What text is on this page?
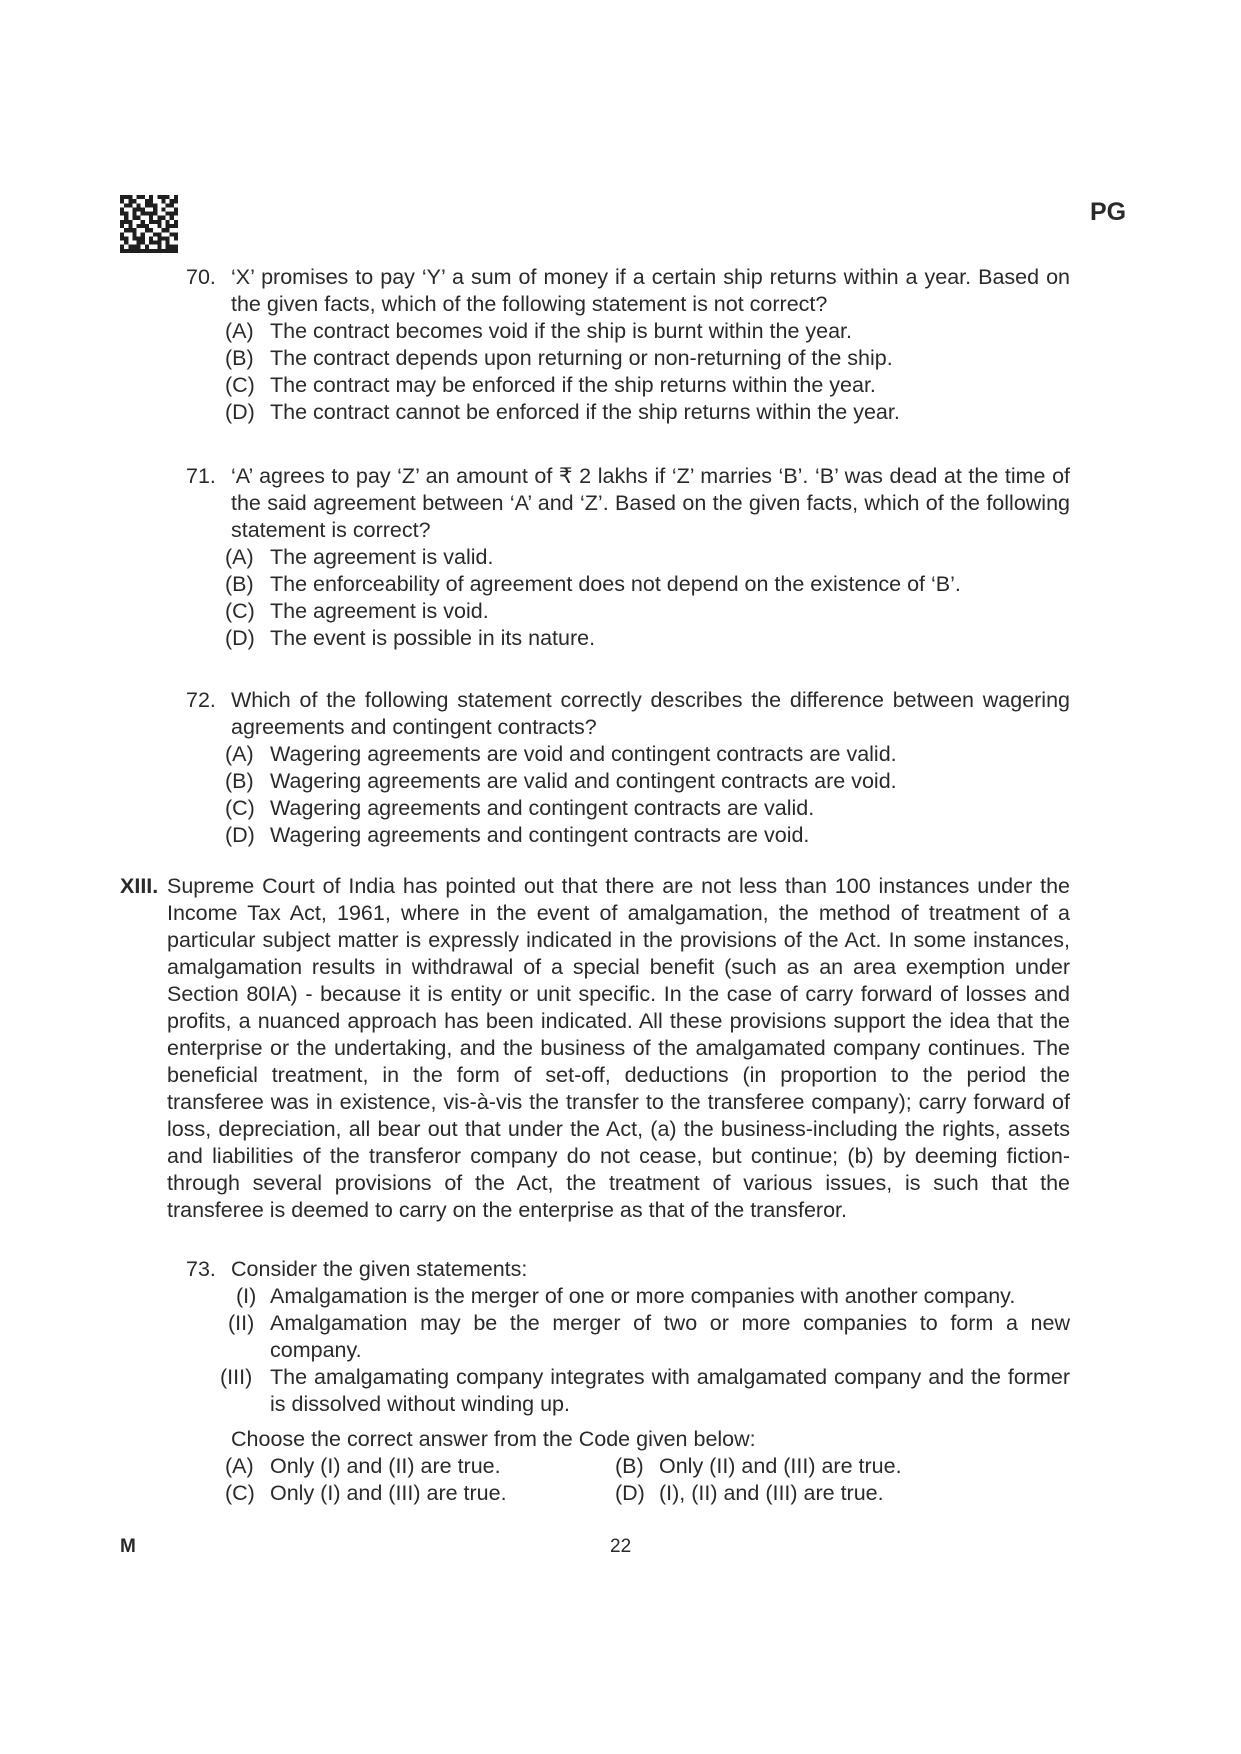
PG
70. ‘X’ promises to pay ‘Y’ a sum of money if a certain ship returns within a year. Based on the given facts, which of the following statement is not correct?
(A) The contract becomes void if the ship is burnt within the year.
(B) The contract depends upon returning or non-returning of the ship.
(C) The contract may be enforced if the ship returns within the year.
(D) The contract cannot be enforced if the ship returns within the year.
71. ‘A’ agrees to pay ‘Z’ an amount of ₹ 2 lakhs if ‘Z’ marries ‘B’. ‘B’ was dead at the time of the said agreement between ‘A’ and ‘Z’. Based on the given facts, which of the following statement is correct?
(A) The agreement is valid.
(B) The enforceability of agreement does not depend on the existence of ‘B’.
(C) The agreement is void.
(D) The event is possible in its nature.
72. Which of the following statement correctly describes the difference between wagering agreements and contingent contracts?
(A) Wagering agreements are void and contingent contracts are valid.
(B) Wagering agreements are valid and contingent contracts are void.
(C) Wagering agreements and contingent contracts are valid.
(D) Wagering agreements and contingent contracts are void.
XIII. Supreme Court of India has pointed out that there are not less than 100 instances under the Income Tax Act, 1961, where in the event of amalgamation, the method of treatment of a particular subject matter is expressly indicated in the provisions of the Act. In some instances, amalgamation results in withdrawal of a special benefit (such as an area exemption under Section 80IA) - because it is entity or unit specific. In the case of carry forward of losses and profits, a nuanced approach has been indicated. All these provisions support the idea that the enterprise or the undertaking, and the business of the amalgamated company continues. The beneficial treatment, in the form of set-off, deductions (in proportion to the period the transferee was in existence, vis-à-vis the transfer to the transferee company); carry forward of loss, depreciation, all bear out that under the Act, (a) the business-including the rights, assets and liabilities of the transferor company do not cease, but continue; (b) by deeming fiction-through several provisions of the Act, the treatment of various issues, is such that the transferee is deemed to carry on the enterprise as that of the transferor.
73. Consider the given statements:
(I) Amalgamation is the merger of one or more companies with another company.
(II) Amalgamation may be the merger of two or more companies to form a new company.
(III) The amalgamating company integrates with amalgamated company and the former is dissolved without winding up.
Choose the correct answer from the Code given below:
(A) Only (I) and (II) are true.	(B) Only (II) and (III) are true.
(C) Only (I) and (III) are true.	(D) (I), (II) and (III) are true.
M	22
